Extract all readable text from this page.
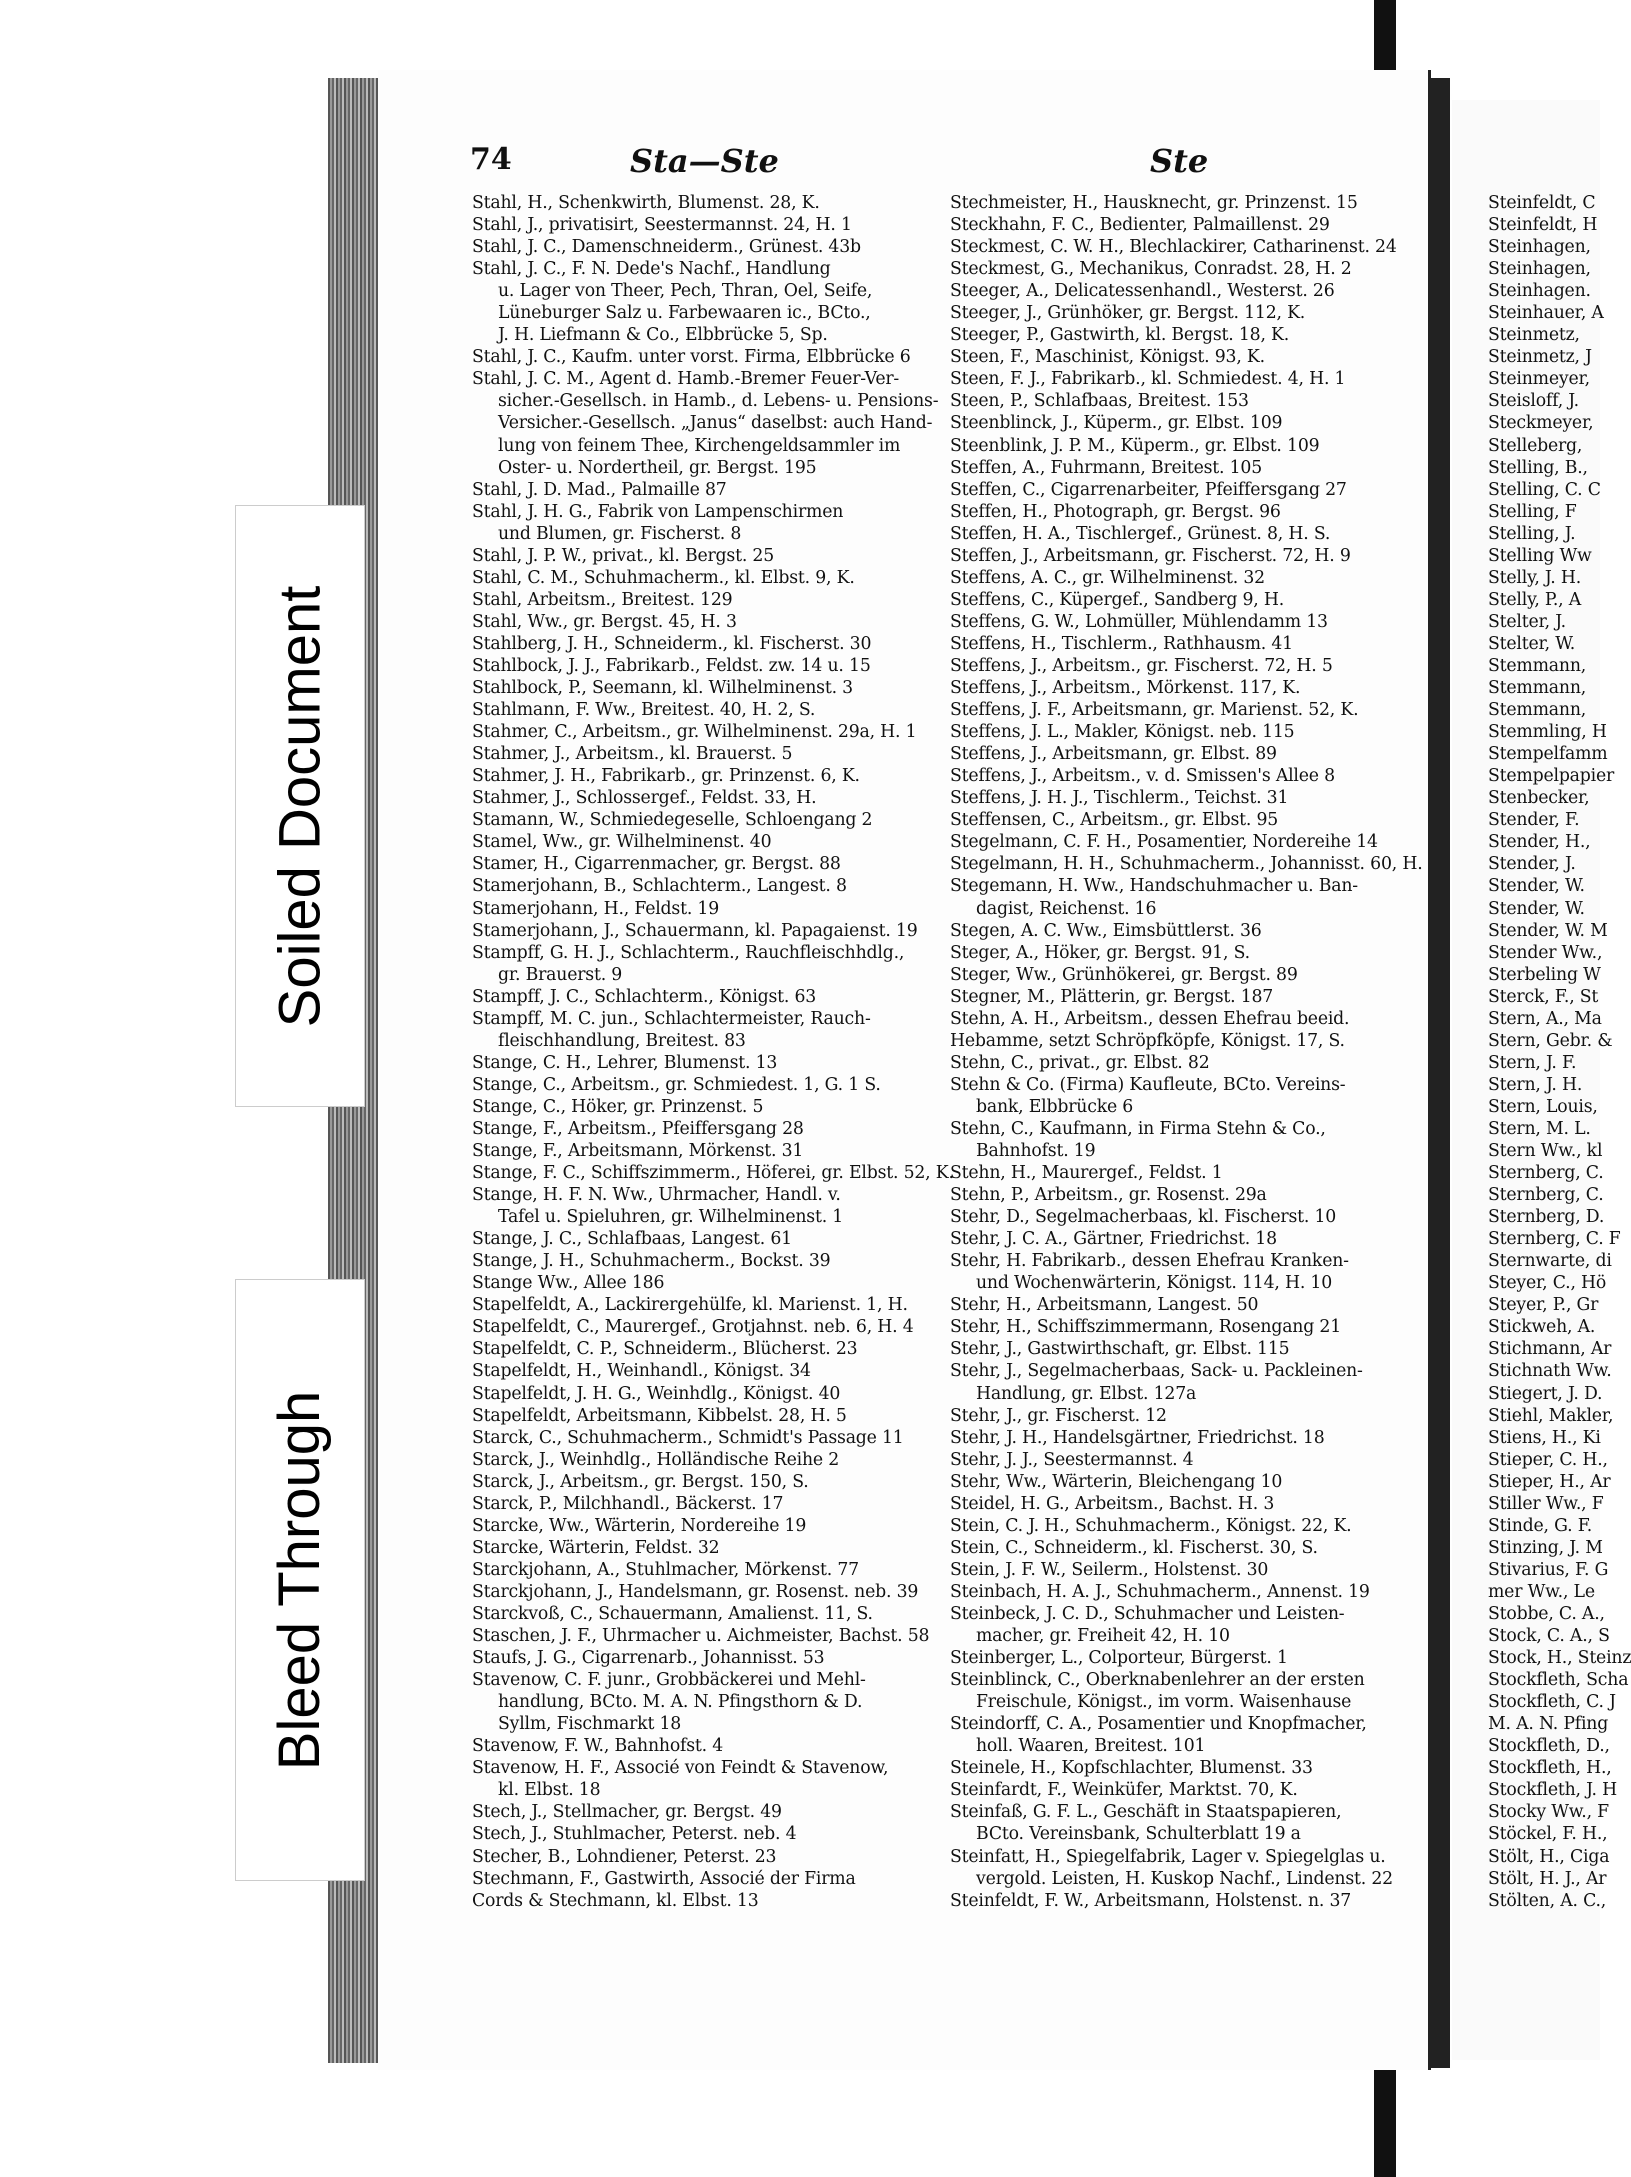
74	Sta—Ste	Ste
Stahl, H., Schenkwirth, Blumenst. 28, K.
Stahl, J., privatisirt, Seestermannst. 24, H. 1
Stahl, J. C., Damenschneiderm., Grünest. 43b
Stahl, J. C., F. N. Dede's Nachf., Handlung
u. Lager von Theer, Pech, Thran, Oel, Seife,
Lüneburger Salz u. Farbewaaren ic., BCto.,
J. H. Liefmann & Co., Elbbrücke 5, Sp.
Stahl, J. C., Kaufm. unter vorst. Firma, Elbbrücke 6
Stahl, J. C. M., Agent d. Hamb.-Bremer Feuer-Ver-
sicher.-Gesellsch. in Hamb., d. Lebens- u. Pensions-
Versicher.-Gesellsch. „Janus“ daselbst: auch Hand-
lung von feinem Thee, Kirchengeldsammler im
Oster- u. Nordertheil, gr. Bergst. 195
Stahl, J. D. Mad., Palmaille 87
Stahl, J. H. G., Fabrik von Lampenschirmen
und Blumen, gr. Fischerst. 8
Stahl, J. P. W., privat., kl. Bergst. 25
Stahl, C. M., Schuhmacherm., kl. Elbst. 9, K.
Stahl, Arbeitsm., Breitest. 129
Stahl, Ww., gr. Bergst. 45, H. 3
Stahlberg, J. H., Schneiderm., kl. Fischerst. 30
Stahlbock, J. J., Fabrikarb., Feldst. zw. 14 u. 15
Stahlbock, P., Seemann, kl. Wilhelminenst. 3
Stahlmann, F. Ww., Breitest. 40, H. 2, S.
Stahmer, C., Arbeitsm., gr. Wilhelminenst. 29a, H. 1
Stahmer, J., Arbeitsm., kl. Brauerst. 5
Stahmer, J. H., Fabrikarb., gr. Prinzenst. 6, K.
Stahmer, J., Schlossergef., Feldst. 33, H.
Stamann, W., Schmiedegeselle, Schloengang 2
Stamel, Ww., gr. Wilhelminenst. 40
Stamer, H., Cigarrenmacher, gr. Bergst. 88
Stamerjohann, B., Schlachterm., Langest. 8
Stamerjohann, H., Feldst. 19
Stamerjohann, J., Schauermann, kl. Papagaienst. 19
Stampff, G. H. J., Schlachterm., Rauchfleischhdlg.,
gr. Brauerst. 9
Stampff, J. C., Schlachterm., Königst. 63
Stampff, M. C. jun., Schlachtermeister, Rauch-
fleischhandlung, Breitest. 83
Stange, C. H., Lehrer, Blumenst. 13
Stange, C., Arbeitsm., gr. Schmiedest. 1, G. 1 S.
Stange, C., Höker, gr. Prinzenst. 5
Stange, F., Arbeitsm., Pfeiffersgang 28
Stange, F., Arbeitsmann, Mörkenst. 31
Stange, F. C., Schiffszimmerm., Höferei, gr. Elbst. 52, K.
Stange, H. F. N. Ww., Uhrmacher, Handl. v.
Tafel u. Spieluhren, gr. Wilhelminenst. 1
Stange, J. C., Schlafbaas, Langest. 61
Stange, J. H., Schuhmacherm., Bockst. 39
Stange Ww., Allee 186
Stapelfeldt, A., Lackirergehülfe, kl. Marienst. 1, H.
Stapelfeldt, C., Maurergef., Grotjahnst. neb. 6, H. 4
Stapelfeldt, C. P., Schneiderm., Blücherst. 23
Stapelfeldt, H., Weinhandl., Königst. 34
Stapelfeldt, J. H. G., Weinhdlg., Königst. 40
Stapelfeldt, Arbeitsmann, Kibbelst. 28, H. 5
Starck, C., Schuhmacherm., Schmidt's Passage 11
Starck, J., Weinhdlg., Holländische Reihe 2
Starck, J., Arbeitsm., gr. Bergst. 150, S.
Starck, P., Milchhandl., Bäckerst. 17
Starcke, Ww., Wärterin, Nordereihe 19
Starcke, Wärterin, Feldst. 32
Starckjohann, A., Stuhlmacher, Mörkenst. 77
Starckjohann, J., Handelsmann, gr. Rosenst. neb. 39
Starckvoß, C., Schauermann, Amalienst. 11, S.
Staschen, J. F., Uhrmacher u. Aichmeister, Bachst. 58
Staufs, J. G., Cigarrenarb., Johannisst. 53
Stavenow, C. F. junr., Grobbäckerei und Mehl-
handlung, BCto. M. A. N. Pfingsthorn & D.
Syllm, Fischmarkt 18
Stavenow, F. W., Bahnhofst. 4
Stavenow, H. F., Associé von Feindt & Stavenow,
kl. Elbst. 18
Stech, J., Stellmacher, gr. Bergst. 49
Stech, J., Stuhlmacher, Peterst. neb. 4
Stecher, B., Lohndiener, Peterst. 23
Stechmann, F., Gastwirth, Associé der Firma
Cords & Stechmann, kl. Elbst. 13
Stechmeister, H., Hausknecht, gr. Prinzenst. 15
Steckhahn, F. C., Bedienter, Palmaillenst. 29
Steckmest, C. W. H., Blechlackirer, Catharinenst. 24
Steckmest, G., Mechanikus, Conradst. 28, H. 2
Steeger, A., Delicatessenhandl., Westerst. 26
Steeger, J., Grünhöker, gr. Bergst. 112, K.
Steeger, P., Gastwirth, kl. Bergst. 18, K.
Steen, F., Maschinist, Königst. 93, K.
Steen, F. J., Fabrikarb., kl. Schmiedest. 4, H. 1
Steen, P., Schlafbaas, Breitest. 153
Steenblinck, J., Küperm., gr. Elbst. 109
Steenblink, J. P. M., Küperm., gr. Elbst. 109
Steffen, A., Fuhrmann, Breitest. 105
Steffen, C., Cigarrenarbeiter, Pfeiffersgang 27
Steffen, H., Photograph, gr. Bergst. 96
Steffen, H. A., Tischlergef., Grünest. 8, H. S.
Steffen, J., Arbeitsmann, gr. Fischerst. 72, H. 9
Steffens, A. C., gr. Wilhelminenst. 32
Steffens, C., Küpergef., Sandberg 9, H.
Steffens, G. W., Lohmüller, Mühlendamm 13
Steffens, H., Tischlerm., Rathhausm. 41
Steffens, J., Arbeitsm., gr. Fischerst. 72, H. 5
Steffens, J., Arbeitsm., Mörkenst. 117, K.
Steffens, J. F., Arbeitsmann, gr. Marienst. 52, K.
Steffens, J. L., Makler, Königst. neb. 115
Steffens, J., Arbeitsmann, gr. Elbst. 89
Steffens, J., Arbeitsm., v. d. Smissen's Allee 8
Steffens, J. H. J., Tischlerm., Teichst. 31
Steffensen, C., Arbeitsm., gr. Elbst. 95
Stegelmann, C. F. H., Posamentier, Nordereihe 14
Stegelmann, H. H., Schuhmacherm., Johannisst. 60, H.
Stegemann, H. Ww., Handschuhmacher u. Ban-
dagist, Reichenst. 16
Stegen, A. C. Ww., Eimsbüttlerst. 36
Steger, A., Höker, gr. Bergst. 91, S.
Steger, Ww., Grünhökerei, gr. Bergst. 89
Stegner, M., Plätterin, gr. Bergst. 187
Stehn, A. H., Arbeitsm., dessen Ehefrau beeid.
Hebamme, setzt Schröpfköpfe, Königst. 17, S.
Stehn, C., privat., gr. Elbst. 82
Stehn & Co. (Firma) Kaufleute, BCto. Vereins-
bank, Elbbrücke 6
Stehn, C., Kaufmann, in Firma Stehn & Co.,
Bahnhofst. 19
Stehn, H., Maurergef., Feldst. 1
Stehn, P., Arbeitsm., gr. Rosenst. 29a
Stehr, D., Segelmacherbaas, kl. Fischerst. 10
Stehr, J. C. A., Gärtner, Friedrichst. 18
Stehr, H. Fabrikarb., dessen Ehefrau Kranken-
und Wochenwärterin, Königst. 114, H. 10
Stehr, H., Arbeitsmann, Langest. 50
Stehr, H., Schiffszimmermann, Rosengang 21
Stehr, J., Gastwirthschaft, gr. Elbst. 115
Stehr, J., Segelmacherbaas, Sack- u. Packleinen-
Handlung, gr. Elbst. 127a
Stehr, J., gr. Fischerst. 12
Stehr, J. H., Handelsgärtner, Friedrichst. 18
Stehr, J. J., Seestermannst. 4
Stehr, Ww., Wärterin, Bleichengang 10
Steidel, H. G., Arbeitsm., Bachst. H. 3
Stein, C. J. H., Schuhmacherm., Königst. 22, K.
Stein, C., Schneiderm., kl. Fischerst. 30, S.
Stein, J. F. W., Seilerm., Holstenst. 30
Steinbach, H. A. J., Schuhmacherm., Annenst. 19
Steinbeck, J. C. D., Schuhmacher und Leisten-
macher, gr. Freiheit 42, H. 10
Steinberger, L., Colporteur, Bürgerst. 1
Steinblinck, C., Oberknabenlehrer an der ersten
Freischule, Königst., im vorm. Waisenhause
Steindorff, C. A., Posamentier und Knopfmacher,
holl. Waaren, Breitest. 101
Steinele, H., Kopfschlachter, Blumenst. 33
Steinfardt, F., Weinküfer, Marktst. 70, K.
Steinfaß, G. F. L., Geschäft in Staatspapieren,
BCto. Vereinsbank, Schulterblatt 19 a
Steinfatt, H., Spiegelfabrik, Lager v. Spiegelglas u.
vergold. Leisten, H. Kuskop Nachf., Lindenst. 22
Steinfeldt, F. W., Arbeitsmann, Holstenst. n. 37
Steinfeldt, C
Steinfeldt, H
Steinhagen,
Steinhagen,
Steinhagen.
Steinhauer, A
Steinmetz,
Steinmetz, J
Steinmeyer,
Steisloff, J.
Steckmeyer,
Stelleberg,
Stelling, B.,
Stelling, C. C
Stelling, F
Stelling, J.
Stelling Ww
Stelly, J. H.
Stelly, P., A
Stelter, J.
Stelter, W.
Stemmann,
Stemmann,
Stemmann,
Stemmling, H
Stempelfamm
Stempelpapier
Stenbecker,
Stender, F.
Stender, H.,
Stender, J.
Stender, W.
Stender, W.
Stender, W. M
Stender Ww.,
Sterbeling W
Sterck, F., St
Stern, A., Ma
Stern, Gebr. &
Stern, J. F.
Stern, J. H.
Stern, Louis,
Stern, M. L.
Stern Ww., kl
Sternberg, C.
Sternberg, C.
Sternberg, D.
Sternberg, C. F
Sternwarte, di
Steyer, C., Hö
Steyer, P., Gr
Stickweh, A.
Stichmann, Ar
Stichnath Ww.
Stiegert, J. D.
Stiehl, Makler,
Stiens, H., Ki
Stieper, C. H.,
Stieper, H., Ar
Stiller Ww., F
Stinde, G. F.
Stinzing, J. M
Stivarius, F. G
mer Ww., Le
Stobbe, C. A.,
Stock, C. A., S
Stock, H., Steinz
Stockfleth, Scha
Stockfleth, C. J
M. A. N. Pfing
Stockfleth, D.,
Stockfleth, H.,
Stockfleth, J. H
Stocky Ww., F
Stöckel, F. H.,
Stölt, H., Ciga
Stölt, H. J., Ar
Stölten, A. C.,
Soiled Document
Bleed Through
